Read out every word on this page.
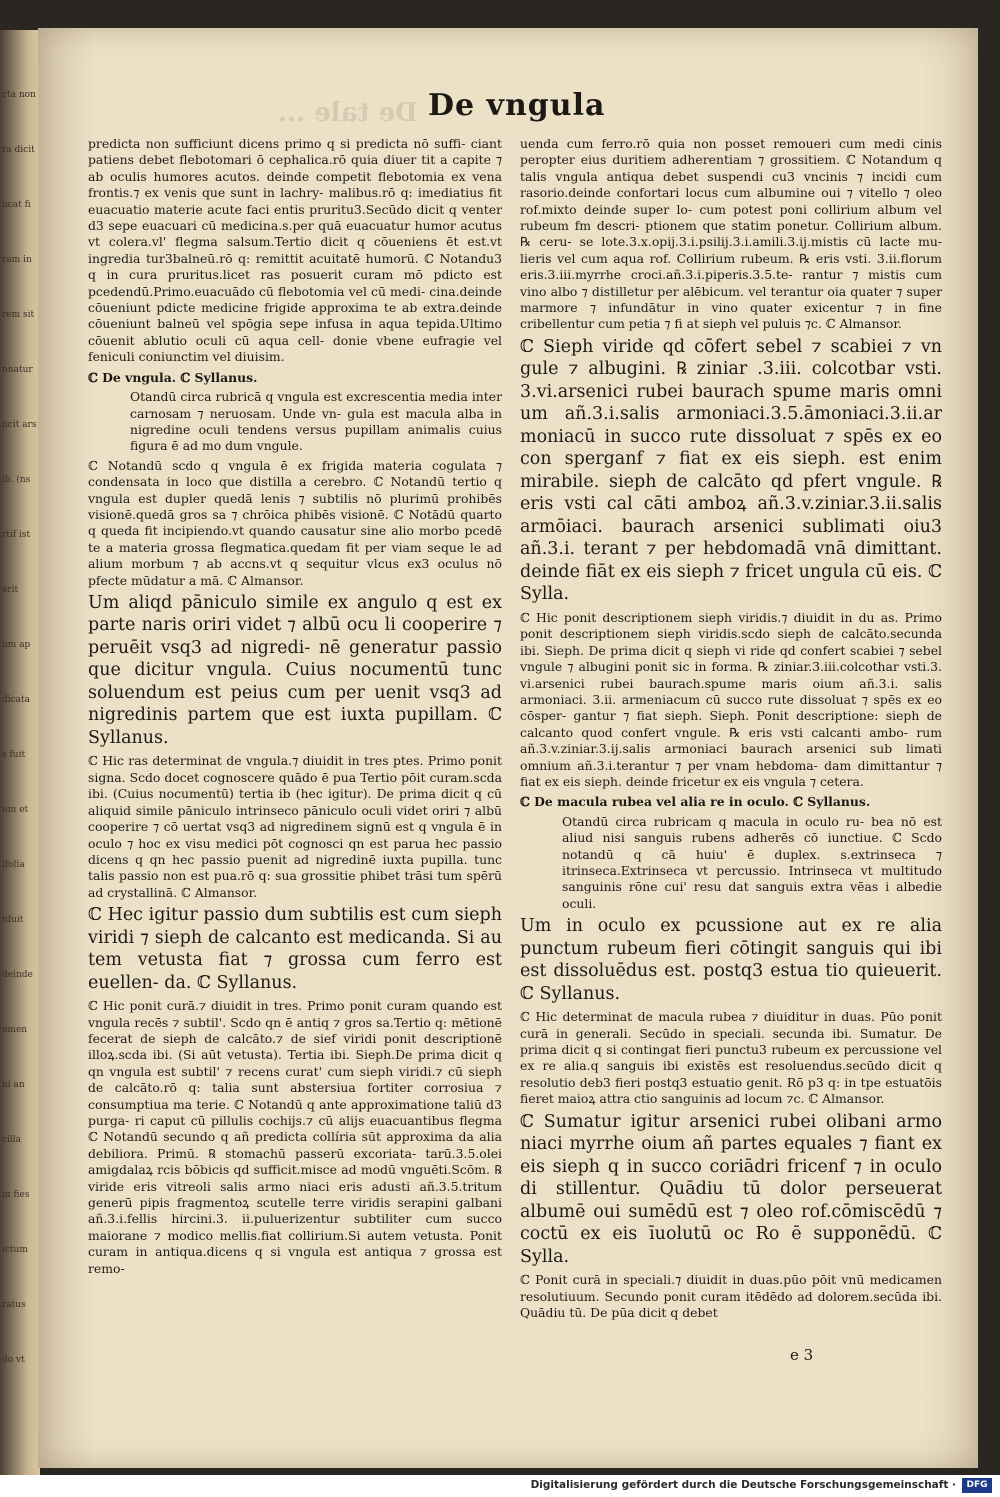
cta non
ra dicit
ucat fi
ram in
rem sit
nnatur
ncit ars
ib. (ns
rtif ist
erit
um ap
dicata
s fuit
um et
ifolia
nfuit
deinde
omen
ni an
cilla
in fies
ictum
ratus
do vt
De tale ... De vngula

predicta non sufficiunt dicens primo q si predicta nō suffi- ciant patiens debet flebotomari ō cephalica.rō quia diuer tit a capite ⁊ ab oculis humores acutos. deinde competit flebotomia ex vena frontis.⁊ ex venis que sunt in lachry- malibus.rō q: imediatius fit euacuatio materie acute faci entis pruritu3.Secūdo dicit q venter d3 sepe euacuari cū medicina.s.per quā euacuatur humor acutus vt colera.vl' flegma salsum.Tertio dicit q cōueniens ēt est.vt ingredia tur3balneū.rō q: remittit acuitatē humorū. ℂ Notandu3 q in cura pruritus.licet ras posuerit curam mō pdicto est pcedendū.Primo.euacuādo cū flebotomia vel cū medi- cina.deinde cōueniunt pdicte medicine frigide approxima te ab extra.deinde cōueniunt balneū vel spōgia sepe infusa in aqua tepida.Ultimo cōuenit ablutio oculi cū aqua cell- donie vbene eufragie vel feniculi coniunctim vel diuisim.

ℂ De vngula. ℂ Syllanus.

Otandū circa rubricā q vngula est excrescentia media inter carnosam ⁊ neruosam. Unde vn- gula est macula alba in nigredine oculi tendens versus pupillam animalis cuius figura ē ad mo dum vngule.

ℂ Notandū scdo q vngula ē ex frigida materia cogulata ⁊ condensata in loco que distilla a cerebro. ℂ Notandū tertio q vngula est dupler quedā lenis ⁊ subtilis nō plurimū prohibēs visionē.quedā gros sa ⁊ chrōica phibēs visionē. ℂ Notādū quarto q queda fit incipiendo.vt quando causatur sine alio morbo pcedē te a materia grossa flegmatica.quedam fit per viam seque le ad alium morbum ⁊ ab accns.vt q sequitur vlcus ex3 oculus nō pfecte mūdatur a mā. ℂ Almansor.

Um aliqd pāniculo simile ex angulo q est ex parte naris oriri videt ⁊ albū ocu li cooperire ⁊ peruēit vsq3 ad nigredi- nē generatur passio que dicitur vngula. Cuius nocumentū tunc soluendum est peius cum per uenit vsq3 ad nigredinis partem que est iuxta pupillam. ℂ Syllanus.

ℂ Hic ras determinat de vngula.⁊ diuidit in tres ptes. Primo ponit signa. Scdo docet cognoscere quādo ē pua Tertio pōit curam.scda ibi. (Cuius nocumentū) tertia ib (hec igitur). De prima dicit q cū aliquid simile pāniculo intrinseco pāniculo oculi videt oriri ⁊ albū cooperire ⁊ cō uertat vsq3 ad nigredinem signū est q vngula ē in oculo ⁊ hoc ex visu medici pōt cognosci qn est parua hec passio dicens q qn hec passio puenit ad nigredinē iuxta pupilla. tunc talis passio non est pua.rō q: sua grossitie phibet trāsi tum spērū ad crystallinā. ℂ Almansor.

ℂ Hec igitur passio dum subtilis est cum sieph viridi ⁊ sieph de calcanto est medicanda. Si au tem vetusta fiat ⁊ grossa cum ferro est euellen- da. ℂ Syllanus.

ℂ Hic ponit curā.⁊ diuidit in tres. Primo ponit curam quando est vngula recēs ⁊ subtil'. Scdo qn ē antiq ⁊ gros sa.Tertio q: mētionē fecerat de sieph de calcāto.⁊ de sief viridi ponit descriptionē illoꝝ.scda ibi. (Si aūt vetusta). Tertia ibi. Sieph.De prima dicit q qn vngula est subtil' ⁊ recens curat' cum sieph viridi.⁊ cū sieph de calcāto.rō q: talia sunt abstersiua fortiter corrosiua ⁊ consumptiua ma terie. ℂ Notandū q ante approximatione taliū d3 purga- ri caput cū pillulis cochijs.⁊ cū alijs euacuantibus flegma ℂ Notandū secundo q añ predicta collíria sūt approxima da alia debiliora. Primū. ℞ stomachū passerū excoriata- tarū.3.5.olei amigdalaꝝ rcis bōbicis qd sufficit.misce ad modū vnguēti.Scōm. ℞ viride eris vitreoli salis armo niaci eris adusti añ.3.5.tritum generū pipis fragmentoꝝ scutelle terre viridis serapini galbani añ.3.i.fellis hircini.3. ii.puluerizentur subtiliter cum succo maiorane ⁊ modico mellis.fiat collirium.Si autem vetusta. Ponit curam in antiqua.dicens q si vngula est antiqua ⁊ grossa est remo-

uenda cum ferro.rō quia non posset remoueri cum medi cinis peropter eius duritiem adherentiam ⁊ grossitiem. ℂ Notandum q talis vngula antiqua debet suspendi cu3 vncinis ⁊ incidi cum rasorio.deinde confortari locus cum albumine oui ⁊ vitello ⁊ oleo rof.mixto deinde super lo- cum potest poni collirium album vel rubeum fm descri- ptionem que statim ponetur. Collirium album. ℞ ceru- se lote.3.x.opij.3.i.psilij.3.i.amili.3.ij.mistis cū lacte mu- lieris vel cum aqua rof. Collirium rubeum. ℞ eris vsti. 3.ii.florum eris.3.iii.myrrhe croci.añ.3.i.piperis.3.5.te- rantur ⁊ mistis cum vino albo ⁊ distilletur per alēbicum. vel terantur oia quater ⁊ super marmore ⁊ infundātur in vino quater exicentur ⁊ in fine cribellentur cum petia ⁊ fi at sieph vel puluis ⁊c. ℂ Almansor.

ℂ Sieph viride qd cōfert sebel ⁊ scabiei ⁊ vn gule ⁊ albugini. ℞ ziniar .3.iii. colcotbar vsti. 3.vi.arsenici rubei baurach spume maris omni um añ.3.i.salis armoniaci.3.5.āmoniaci.3.ii.ar moniacū in succo rute dissoluat ⁊ spēs ex eo con sperganf ⁊ fiat ex eis sieph. est enim mirabile. sieph de calcāto qd pfert vngule. ℞ eris vsti cal cāti amboꝝ añ.3.v.ziniar.3.ii.salis armōiaci. baurach arsenici sublimati oiu3 añ.3.i. terant ⁊ per hebdomadā vnā dimittant. deinde fiāt ex eis sieph ⁊ fricet ungula cū eis. ℂ Sylla.

ℂ Hic ponit descriptionem sieph viridis.⁊ diuidit in du as. Primo ponit descriptionem sieph viridis.scdo sieph de calcāto.secunda ibi. Sieph. De prima dicit q sieph vi ride qd confert scabiei ⁊ sebel vngule ⁊ albugini ponit sic in forma. ℞ ziniar.3.iii.colcothar vsti.3. vi.arsenici rubei baurach.spume maris oium añ.3.i. salis armoniaci. 3.ii. armeniacum cū succo rute dissoluat ⁊ spēs ex eo cōsper- gantur ⁊ fiat sieph. Sieph. Ponit descriptione: sieph de calcanto quod confert vngule. ℞ eris vsti calcanti ambo- rum añ.3.v.ziniar.3.ij.salis armoniaci baurach arsenici sub limati omnium añ.3.i.terantur ⁊ per vnam hebdoma- dam dimittantur ⁊ fiat ex eis sieph. deinde fricetur ex eis vngula ⁊ cetera.

ℂ De macula rubea vel alia re in oculo. ℂ Syllanus.

Otandū circa rubricam q macula in oculo ru- bea nō est aliud nisi sanguis rubens adherēs cō iunctiue. ℂ Scdo notandū q cā huiu' ē duplex. s.extrinseca ⁊ itrinseca.Extrinseca vt percussio. Intrinseca vt multitudo sanguinis rōne cui' resu dat sanguis extra vēas i albedie oculi.

Um in oculo ex pcussione aut ex re alia punctum rubeum fieri cōtingit sanguis qui ibi est dissoluēdus est. postq3 estua tio quieuerit. ℂ Syllanus.

ℂ Hic determinat de macula rubea ⁊ diuiditur in duas. Pūo ponit curā in generali. Secūdo in speciali. secunda ibi. Sumatur. De prima dicit q si contingat fieri punctu3 rubeum ex percussione vel ex re alia.q sanguis ibi existēs est resoluendus.secūdo dicit q resolutio deb3 fieri postq3 estuatio genit. Rō p3 q: in tpe estuatōis fieret maioꝝ attra ctio sanguinis ad locum ⁊c. ℂ Almansor.

ℂ Sumatur igitur arsenici rubei olibani armo niaci myrrhe oium añ partes equales ⁊ fiant ex eis sieph q in succo coriādri fricenf ⁊ in oculo di stillentur. Quādiu tū dolor perseuerat albumē oui sumēdū est ⁊ oleo rof.cōmiscēdū ⁊ coctū ex eis īuolutū oc Ro ē supponēdū. ℂ Sylla.

ℂ Ponit curā in speciali.⁊ diuidit in duas.pūo pōit vnū medicamen resolutiuum. Secundo ponit curam itēdēdo ad dolorem.secūda ibi. Quādiu tū. De pūa dicit q debet

e 3
Digitalisierung gefördert durch die Deutsche Forschungsgemeinschaft ·	DFG
